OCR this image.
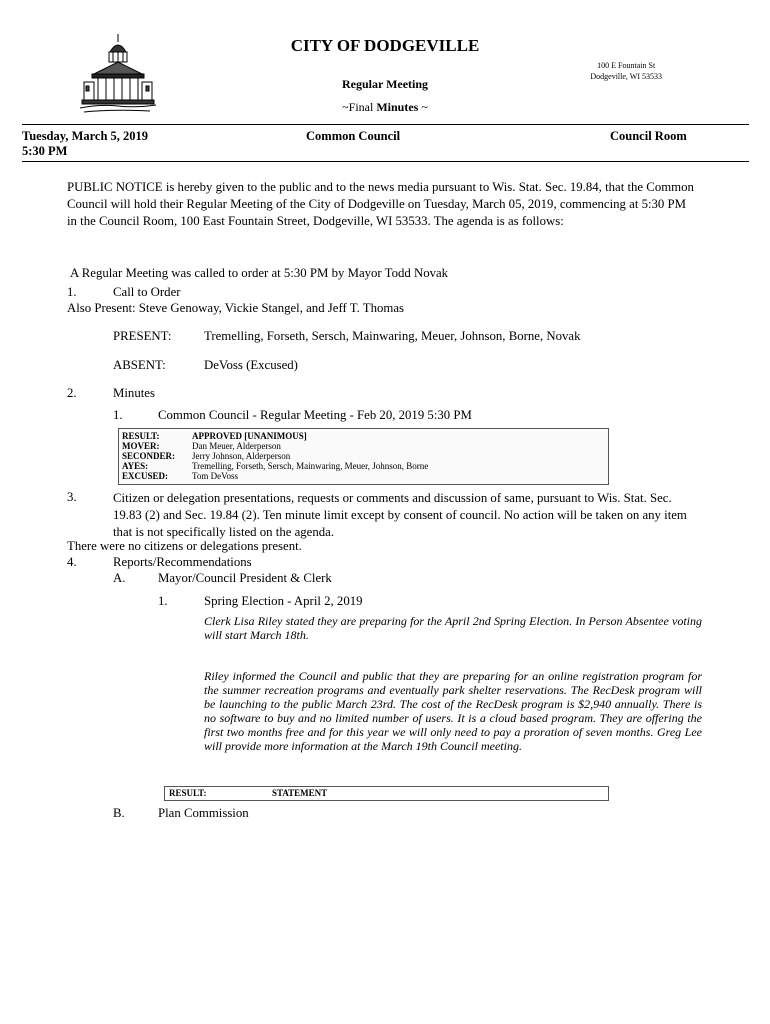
CITY OF DODGEVILLE
100 E Fountain St
Dodgeville, WI 53533
Regular Meeting
~Final Minutes ~
Tuesday, March 5, 2019
5:30 PM
Common Council	Council Room
PUBLIC NOTICE is hereby given to the public and to the news media pursuant to Wis. Stat. Sec. 19.84, that the Common Council will hold their Regular Meeting of the City of Dodgeville on Tuesday, March 05, 2019, commencing at 5:30 PM in the Council Room, 100 East Fountain Street, Dodgeville, WI 53533. The agenda is as follows:
A Regular Meeting was called to order at 5:30 PM by Mayor Todd Novak
1.	Call to Order
Also Present: Steve Genoway, Vickie Stangel, and Jeff T. Thomas
PRESENT:	Tremelling, Forseth, Sersch, Mainwaring, Meuer, Johnson, Borne, Novak
ABSENT:	DeVoss (Excused)
2.	Minutes
1.	Common Council - Regular Meeting - Feb 20, 2019 5:30 PM
RESULT:	APPROVED [UNANIMOUS]
MOVER:	Dan Meuer, Alderperson
SECONDER:	Jerry Johnson, Alderperson
AYES:	Tremelling, Forseth, Sersch, Mainwaring, Meuer, Johnson, Borne
EXCUSED:	Tom DeVoss
3.	Citizen or delegation presentations, requests or comments and discussion of same, pursuant to Wis. Stat. Sec. 19.83 (2) and Sec. 19.84 (2). Ten minute limit except by consent of council. No action will be taken on any item that is not specifically listed on the agenda.
There were no citizens or delegations present.
4.	Reports/Recommendations
A.	Mayor/Council President & Clerk
1.	Spring Election - April 2, 2019
Clerk Lisa Riley stated they are preparing for the April 2nd Spring Election. In Person Absentee voting will start March 18th.
Riley informed the Council and public that they are preparing for an online registration program for the summer recreation programs and eventually park shelter reservations. The RecDesk program will be launching to the public March 23rd. The cost of the RecDesk program is $2,940 annually. There is no software to buy and no limited number of users. It is a cloud based program. They are offering the first two months free and for this year we will only need to pay a proration of seven months. Greg Lee will provide more information at the March 19th Council meeting.
RESULT:	STATEMENT
B.	Plan Commission
